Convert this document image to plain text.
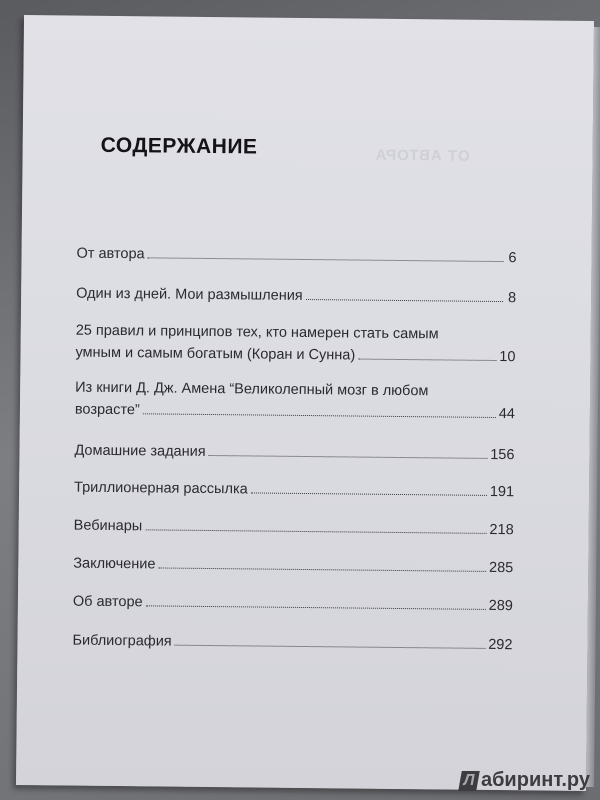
ОТ АВТОРА
СОДЕРЖАНИЕ
От автора	6
Один из дней. Мои размышления	8
25 правил и принципов тех, кто намерен стать самым
умным и самым богатым (Коран и Сунна)	10
Из книги Д. Дж. Амена “Великолепный мозг в любом
возрасте”	44
Домашние задания	156
Триллионерная рассылка	191
Вебинары	218
Заключение	285
Об авторе	289
Библиография	292
Л абиринт.ру
